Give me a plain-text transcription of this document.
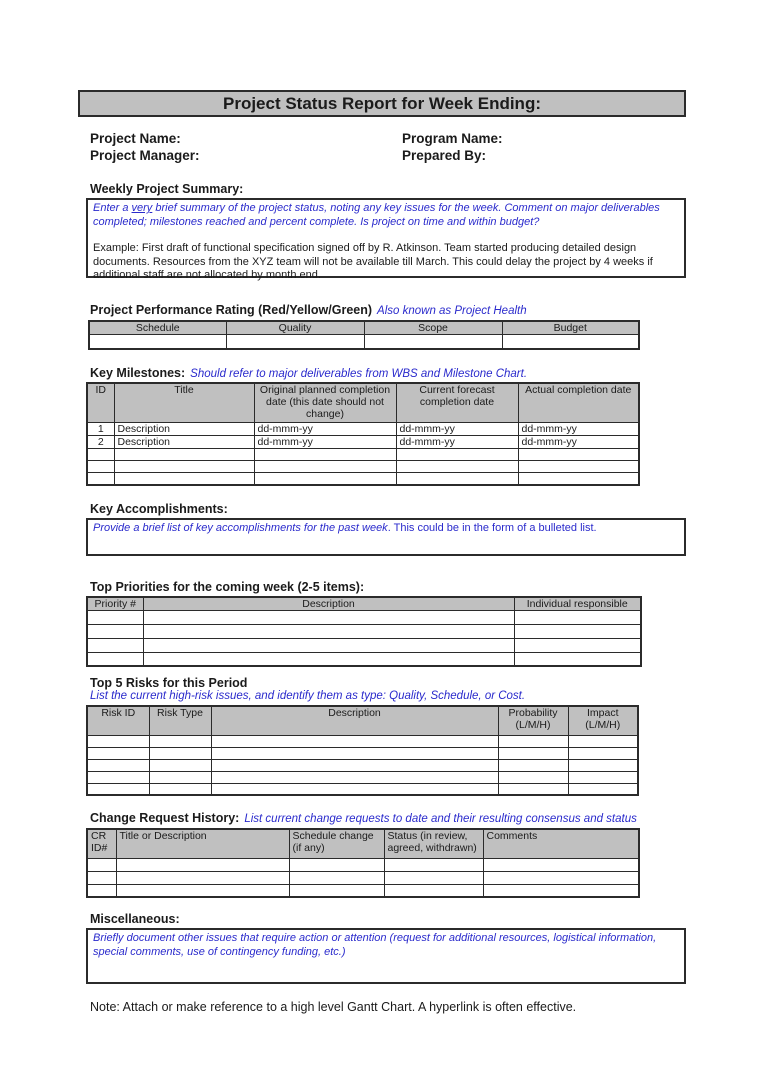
Project Status Report for Week Ending:
Project Name:
Project Manager:
Program Name:
Prepared By:
Weekly Project Summary:

Enter a very brief summary of the project status, noting any key issues for the week. Comment on major deliverables completed; milestones reached and percent complete. Is project on time and within budget?

Example: First draft of functional specification signed off by R. Atkinson. Team started producing detailed design documents. Resources from the XYZ team will not be available till March. This could delay the project by 4 weeks if additional staff are not allocated by month end.

Project Performance Rating (Red/Yellow/Green) Also known as Project Health
Schedule	Quality	Scope	Budget

Key Milestones: Should refer to major deliverables from WBS and Milestone Chart.
ID	Title	Original planned completion date (this date should not change)	Current forecast completion date	Actual completion date
1	Description	dd-mmm-yy	dd-mmm-yy	dd-mmm-yy
2	Description	dd-mmm-yy	dd-mmm-yy	dd-mmm-yy

Key Accomplishments:

Provide a brief list of key accomplishments for the past week. This could be in the form of a bulleted list.

Top Priorities for the coming week (2-5 items):
Priority #	Description	Individual responsible

Top 5 Risks for this Period
List the current high-risk issues, and identify them as type: Quality, Schedule, or Cost.
Risk ID	Risk Type	Description	Probability (L/M/H)	Impact (L/M/H)

Change Request History: List current change requests to date and their resulting consensus and status
CR ID#	Title or Description	Schedule change (if any)	Status (in review, agreed, withdrawn)	Comments

Miscellaneous:

Briefly document other issues that require action or attention (request for additional resources, logistical information, special comments, use of contingency funding, etc.)

Note: Attach or make reference to a high level Gantt Chart. A hyperlink is often effective.
